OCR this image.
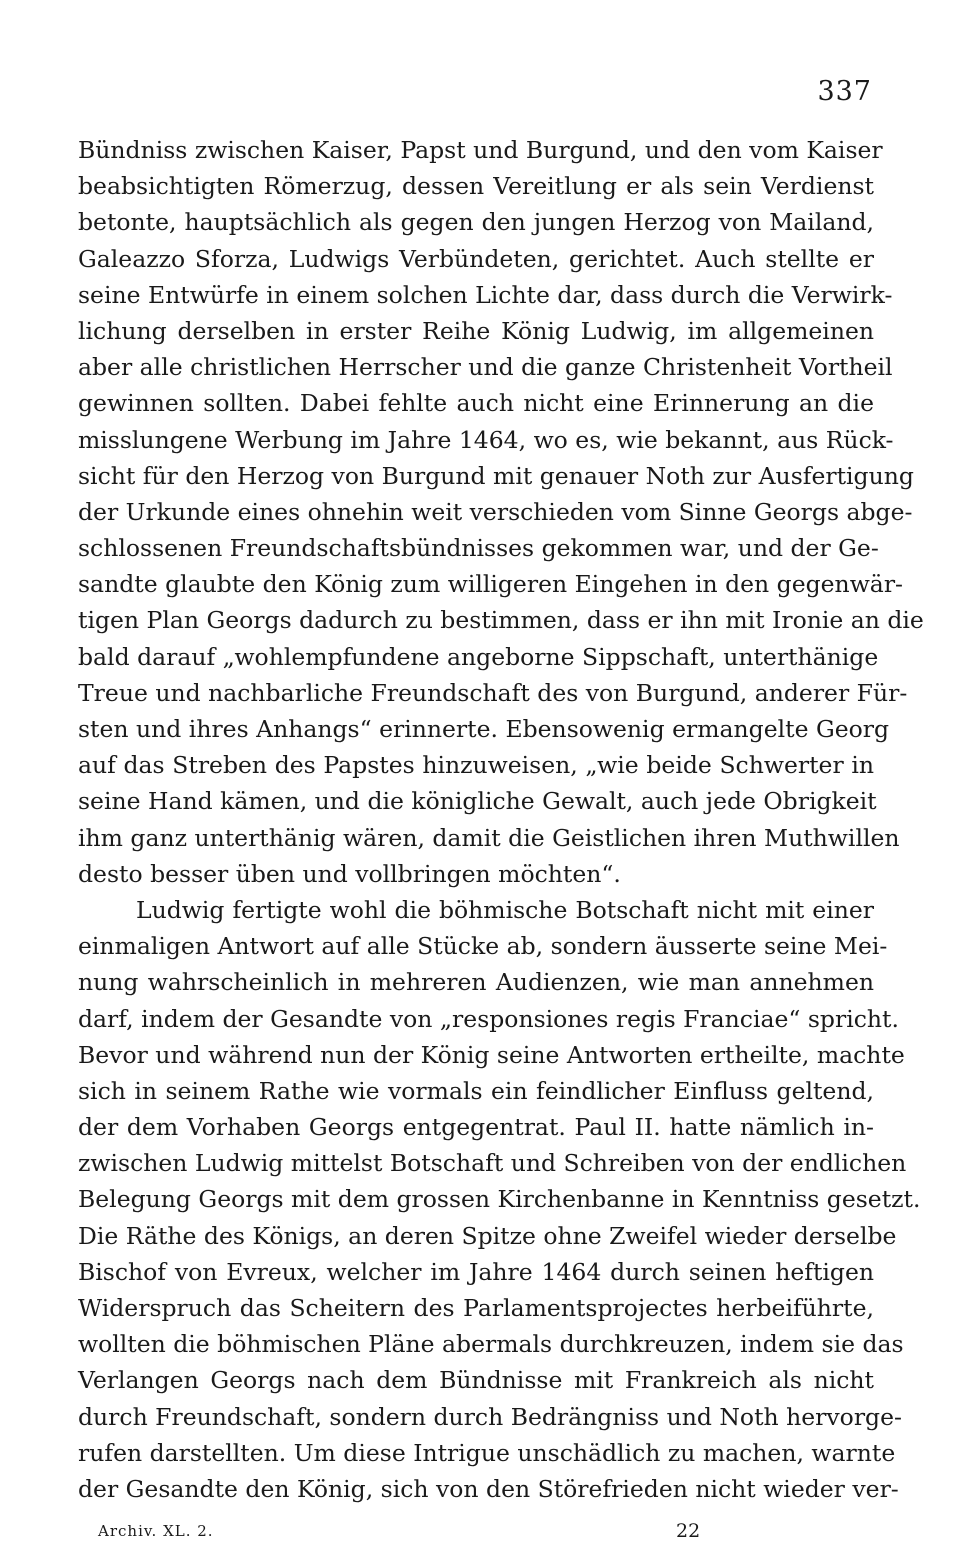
337
Bündniss zwischen Kaiser, Papst und Burgund, und den vom Kaiser
beabsichtigten Römerzug, dessen Vereitlung er als sein Verdienst
betonte, hauptsächlich als gegen den jungen Herzog von Mailand,
Galeazzo Sforza, Ludwigs Verbündeten, gerichtet. Auch stellte er
seine Entwürfe in einem solchen Lichte dar, dass durch die Verwirk-
lichung derselben in erster Reihe König Ludwig, im allgemeinen
aber alle christlichen Herrscher und die ganze Christenheit Vortheil
gewinnen sollten. Dabei fehlte auch nicht eine Erinnerung an die
misslungene Werbung im Jahre 1464, wo es, wie bekannt, aus Rück-
sicht für den Herzog von Burgund mit genauer Noth zur Ausfertigung
der Urkunde eines ohnehin weit verschieden vom Sinne Georgs abge-
schlossenen Freundschaftsbündnisses gekommen war, und der Ge-
sandte glaubte den König zum willigeren Eingehen in den gegenwär-
tigen Plan Georgs dadurch zu bestimmen, dass er ihn mit Ironie an die
bald darauf „wohlempfundene angeborne Sippschaft, unterthänige
Treue und nachbarliche Freundschaft des von Burgund, anderer Für-
sten und ihres Anhangs“ erinnerte. Ebensowenig ermangelte Georg
auf das Streben des Papstes hinzuweisen, „wie beide Schwerter in
seine Hand kämen, und die königliche Gewalt, auch jede Obrigkeit
ihm ganz unterthänig wären, damit die Geistlichen ihren Muthwillen
desto besser üben und vollbringen möchten“.
Ludwig fertigte wohl die böhmische Botschaft nicht mit einer
einmaligen Antwort auf alle Stücke ab, sondern äusserte seine Mei-
nung wahrscheinlich in mehreren Audienzen, wie man annehmen
darf, indem der Gesandte von „responsiones regis Franciae“ spricht.
Bevor und während nun der König seine Antworten ertheilte, machte
sich in seinem Rathe wie vormals ein feindlicher Einfluss geltend,
der dem Vorhaben Georgs entgegentrat. Paul II. hatte nämlich in-
zwischen Ludwig mittelst Botschaft und Schreiben von der endlichen
Belegung Georgs mit dem grossen Kirchenbanne in Kenntniss gesetzt.
Die Räthe des Königs, an deren Spitze ohne Zweifel wieder derselbe
Bischof von Evreux, welcher im Jahre 1464 durch seinen heftigen
Widerspruch das Scheitern des Parlamentsprojectes herbeiführte,
wollten die böhmischen Pläne abermals durchkreuzen, indem sie das
Verlangen Georgs nach dem Bündnisse mit Frankreich als nicht
durch Freundschaft, sondern durch Bedrängniss und Noth hervorge-
rufen darstellten. Um diese Intrigue unschädlich zu machen, warnte
der Gesandte den König, sich von den Störefrieden nicht wieder ver-
Archiv. XL. 2.	22
